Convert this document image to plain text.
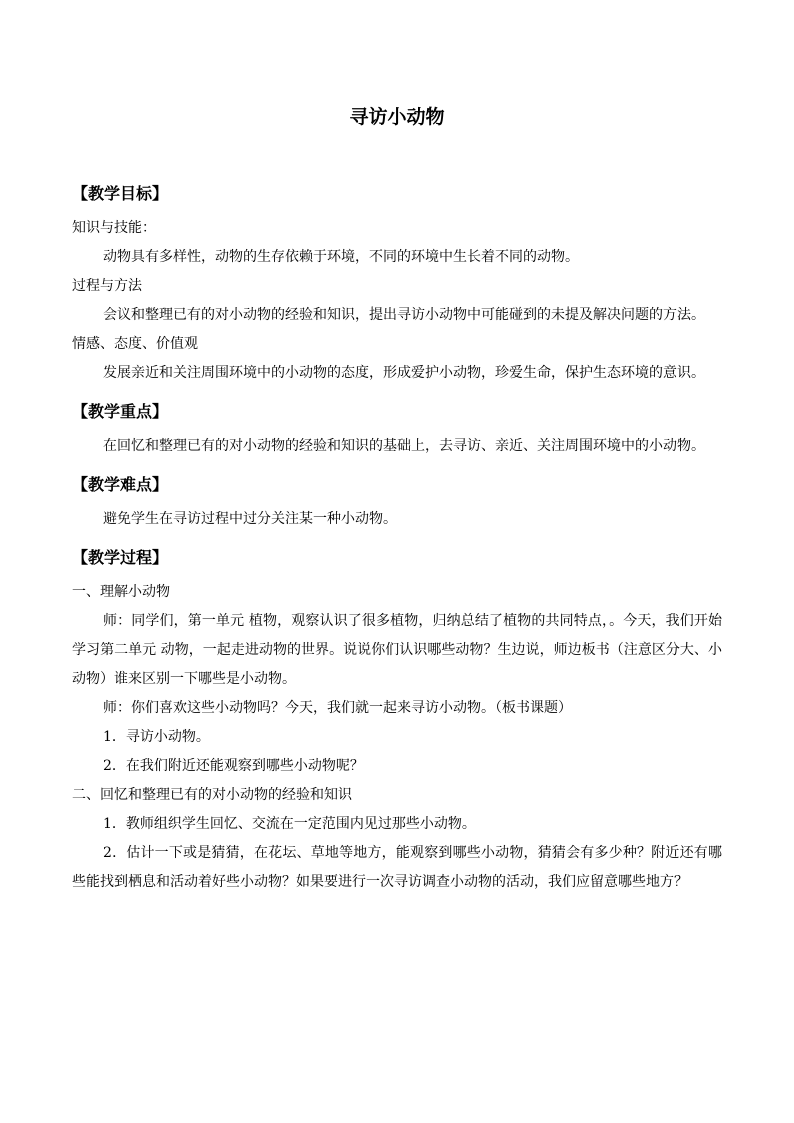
寻访小动物
【教学目标】

知识与技能：

动物具有多样性，动物的生存依赖于环境，不同的环境中生长着不同的动物。

过程与方法

会议和整理已有的对小动物的经验和知识，提出寻访小动物中可能碰到的未提及解决问题的方法。

情感、态度、价值观

发展亲近和关注周围环境中的小动物的态度，形成爱护小动物，珍爱生命，保护生态环境的意识。

【教学重点】

在回忆和整理已有的对小动物的经验和知识的基础上，去寻访、亲近、关注周围环境中的小动物。

【教学难点】

避免学生在寻访过程中过分关注某一种小动物。

【教学过程】

一、理解小动物

师：同学们，第一单元 植物，观察认识了很多植物，归纳总结了植物的共同特点，。今天，我们开始学习第二单元 动物，一起走进动物的世界。说说你们认识哪些动物？生边说，师边板书（注意区分大、小动物）谁来区别一下哪些是小动物。

师：你们喜欢这些小动物吗？今天，我们就一起来寻访小动物。（板书课题）

1．寻访小动物。

2．在我们附近还能观察到哪些小动物呢？

二、回忆和整理已有的对小动物的经验和知识

1．教师组织学生回忆、交流在一定范围内见过那些小动物。

2．估计一下或是猜猜，在花坛、草地等地方，能观察到哪些小动物，猜猜会有多少种？附近还有哪些能找到栖息和活动着好些小动物？如果要进行一次寻访调查小动物的活动，我们应留意哪些地方？
